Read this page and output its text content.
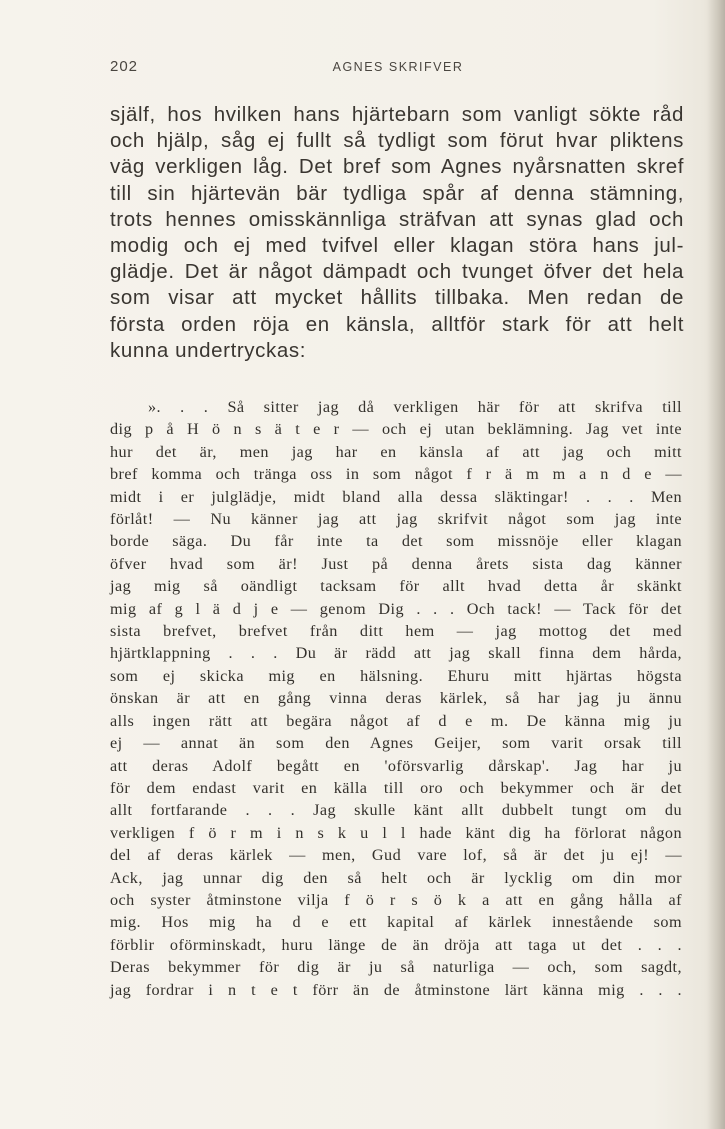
202	AGNES SKRIFVER
själf, hos hvilken hans hjärtebarn som vanligt sökte råd
och hjälp, såg ej fullt så tydligt som förut hvar pliktens
väg verkligen låg. Det bref som Agnes nyårsnatten skref
till sin hjärtevän bär tydliga spår af denna stämning,
trots hennes omisskännliga sträfvan att synas glad och
modig och ej med tvifvel eller klagan störa hans jul-
glädje. Det är något dämpadt och tvunget öfver det hela
som visar att mycket hållits tillbaka. Men redan de
första orden röja en känsla, alltför stark för att helt
kunna undertryckas:
». . . Så sitter jag då verkligen här för att skrifva till
dig p å H ö n s ä t e r — och ej utan beklämning. Jag vet inte
hur det är, men jag har en känsla af att jag och mitt
bref komma och tränga oss in som något f r ä m m a n d e —
midt i er julglädje, midt bland alla dessa släktingar! . . . Men
förlåt! — Nu känner jag att jag skrifvit något som jag inte
borde säga. Du får inte ta det som missnöje eller klagan
öfver hvad som är! Just på denna årets sista dag känner
jag mig så oändligt tacksam för allt hvad detta år skänkt
mig af g l ä d j e — genom Dig . . . Och tack! — Tack för det
sista brefvet, brefvet från ditt hem — jag mottog det med
hjärtklappning . . . Du är rädd att jag skall finna dem hårda,
som ej skicka mig en hälsning. Ehuru mitt hjärtas högsta
önskan är att en gång vinna deras kärlek, så har jag ju ännu
alls ingen rätt att begära något af d e m. De känna mig ju
ej — annat än som den Agnes Geijer, som varit orsak till
att deras Adolf begått en 'oförsvarlig dårskap'. Jag har ju
för dem endast varit en källa till oro och bekymmer och är det
allt fortfarande . . . Jag skulle känt allt dubbelt tungt om du
verkligen f ö r m i n s k u l l hade känt dig ha förlorat någon
del af deras kärlek — men, Gud vare lof, så är det ju ej! —
Ack, jag unnar dig den så helt och är lycklig om din mor
och syster åtminstone vilja f ö r s ö k a att en gång hålla af
mig. Hos mig ha d e ett kapital af kärlek innestående som
förblir oförminskadt, huru länge de än dröja att taga ut det . . .
Deras bekymmer för dig är ju så naturliga — och, som sagdt,
jag fordrar i n t e t förr än de åtminstone lärt känna mig . . .
